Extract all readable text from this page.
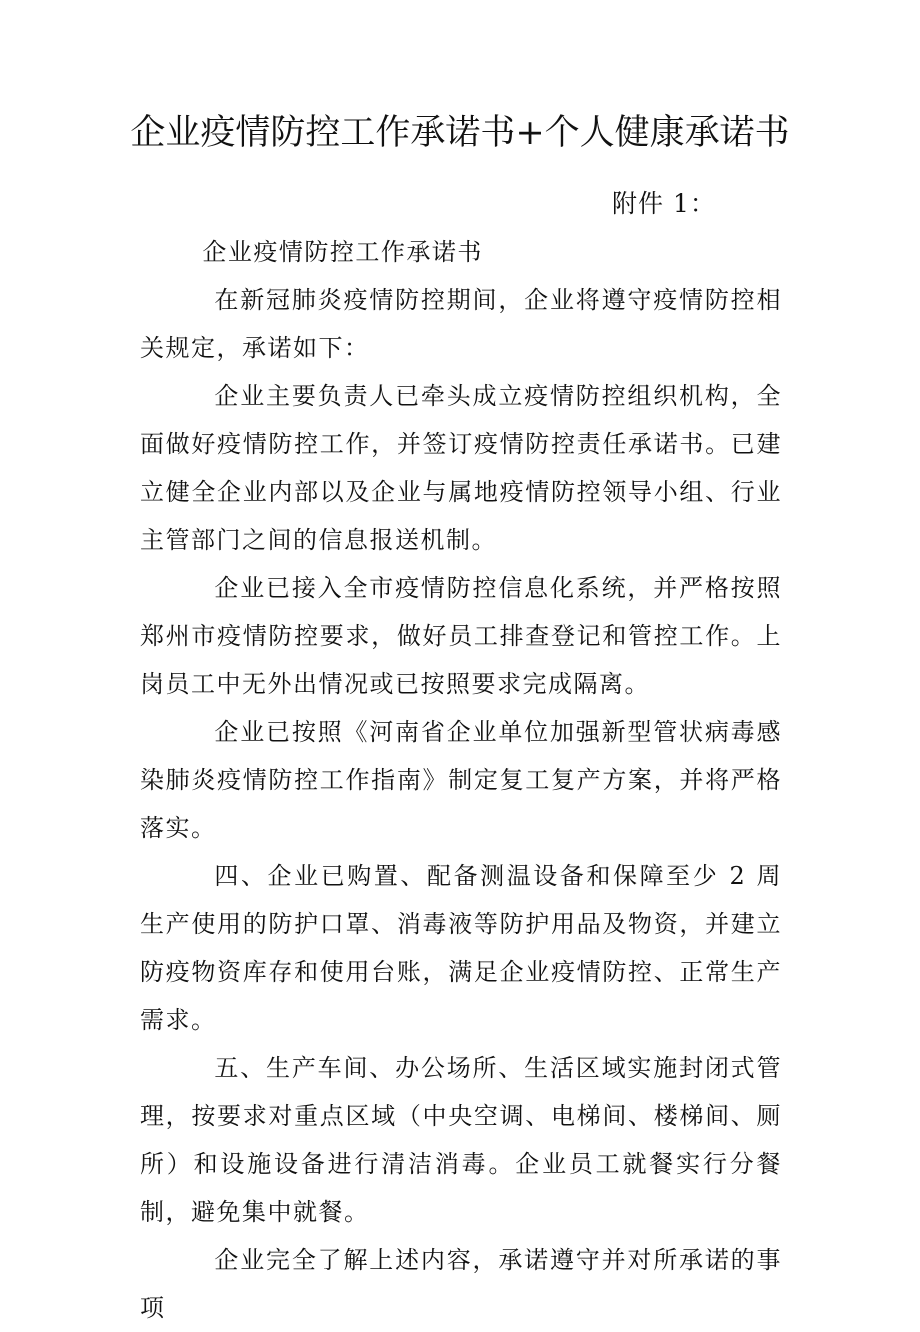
企业疫情防控工作承诺书+个人健康承诺书

附件 1：

企业疫情防控工作承诺书

在新冠肺炎疫情防控期间，企业将遵守疫情防控相关规定，承诺如下：

企业主要负责人已牵头成立疫情防控组织机构，全面做好疫情防控工作，并签订疫情防控责任承诺书。已建立健全企业内部以及企业与属地疫情防控领导小组、行业主管部门之间的信息报送机制。

企业已接入全市疫情防控信息化系统，并严格按照郑州市疫情防控要求，做好员工排查登记和管控工作。上岗员工中无外出情况或已按照要求完成隔离。

企业已按照《河南省企业单位加强新型管状病毒感染肺炎疫情防控工作指南》制定复工复产方案，并将严格落实。

四、企业已购置、配备测温设备和保障至少 2 周生产使用的防护口罩、消毒液等防护用品及物资，并建立防疫物资库存和使用台账，满足企业疫情防控、正常生产需求。

五、生产车间、办公场所、生活区域实施封闭式管理，按要求对重点区域（中央空调、电梯间、楼梯间、厕所）和设施设备进行清洁消毒。企业员工就餐实行分餐制，避免集中就餐。

企业完全了解上述内容，承诺遵守并对所承诺的事项
